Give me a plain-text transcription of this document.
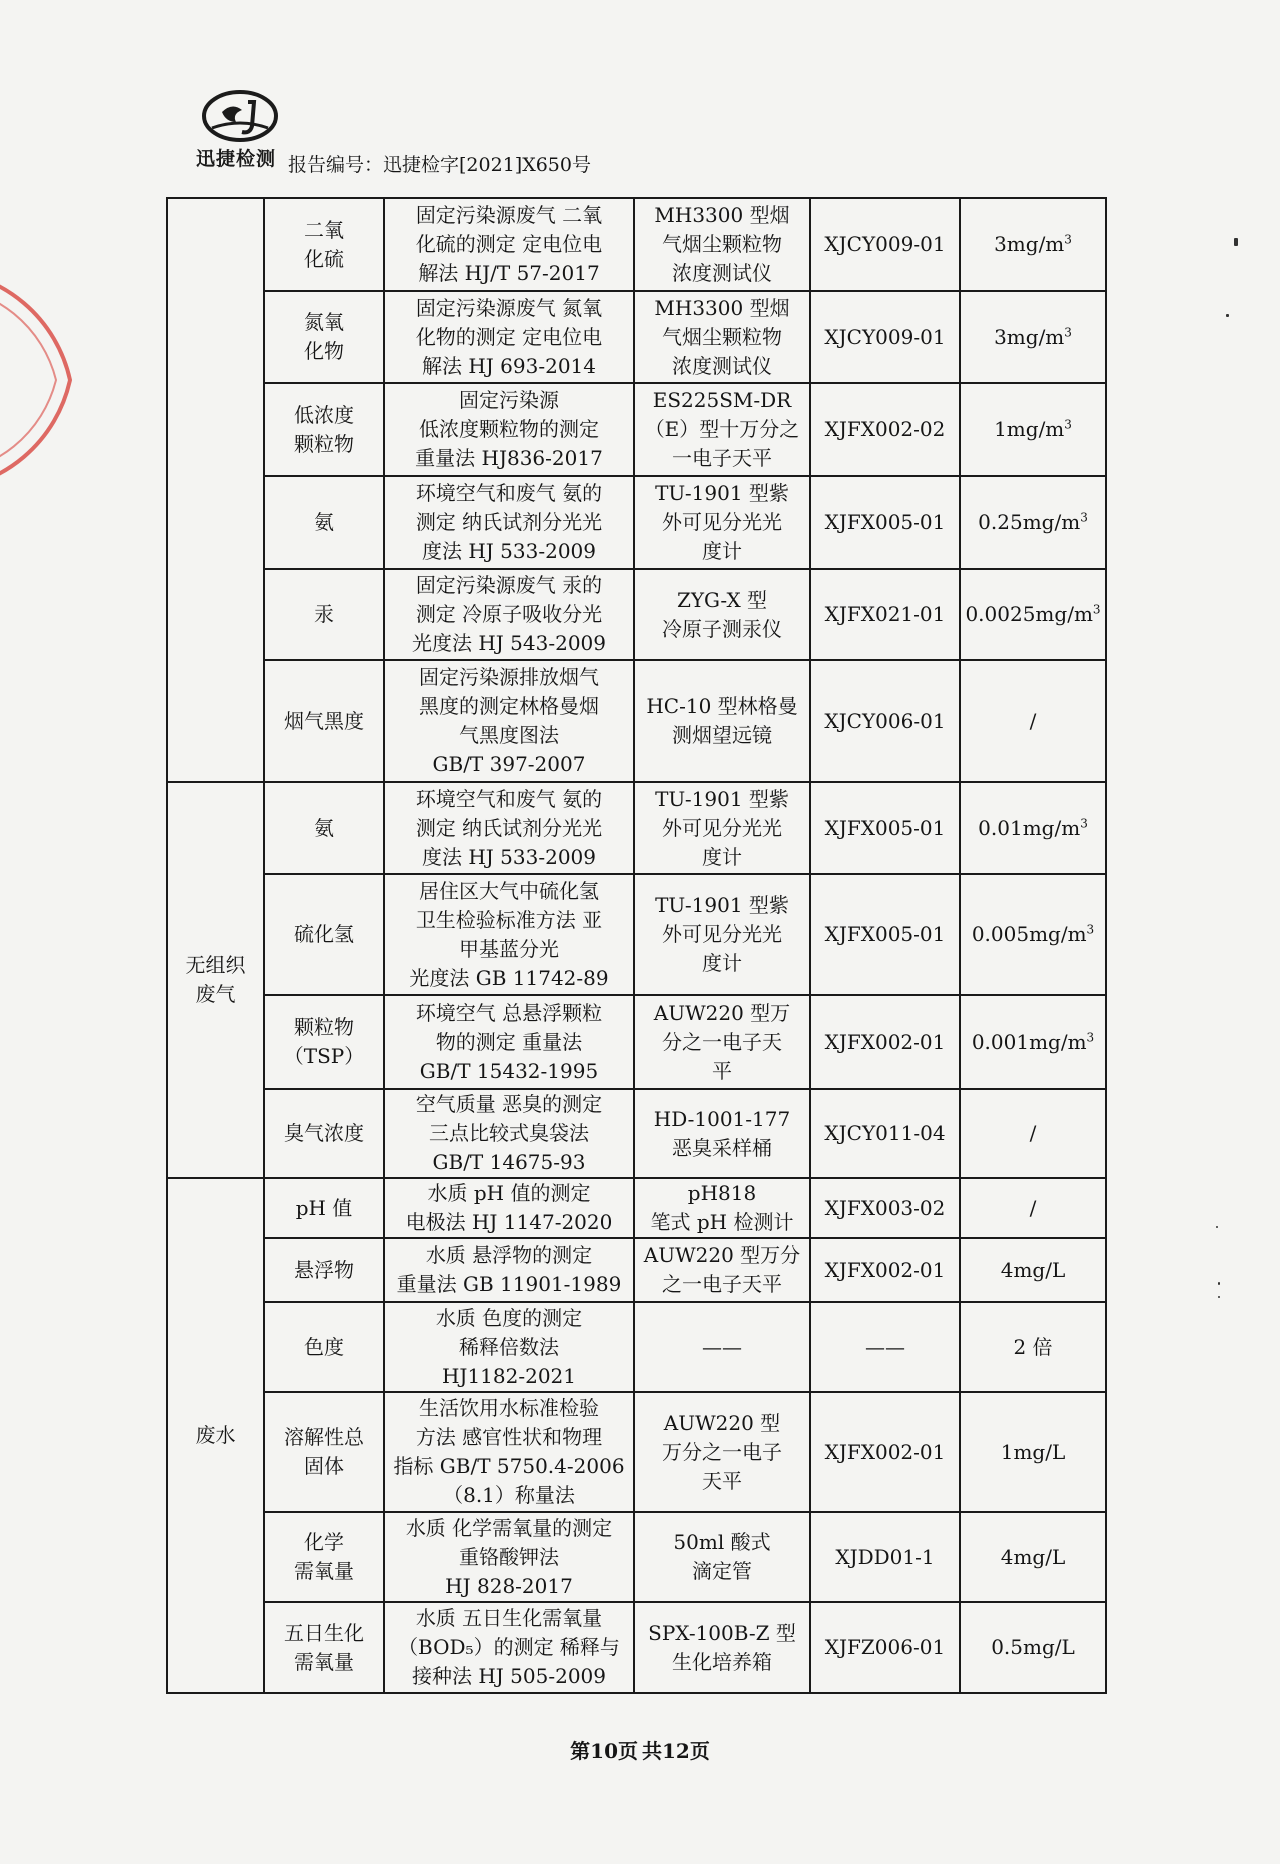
迅捷检测 报告编号：迅捷检字[2021]X650号

	二氧
化硫	固定污染源废气 二氧
化硫的测定 定电位电
解法 HJ/T 57-2017	MH3300 型烟
气烟尘颗粒物
浓度测试仪	XJCY009-01	$3mg/m^3$

	氮氧
化物	固定污染源废气 氮氧
化物的测定 定电位电
解法 HJ 693-2014	MH3300 型烟
气烟尘颗粒物
浓度测试仪	XJCY009-01	$3mg/m^3$

	低浓度
颗粒物	固定污染源
低浓度颗粒物的测定
重量法 HJ836-2017	ES225SM-DR
（E）型十万分之
一电子天平	XJFX002-02	$1mg/m^3$

	氨	环境空气和废气 氨的
测定 纳氏试剂分光光
度法 HJ 533-2009	TU-1901 型紫
外可见分光光
度计	XJFX005-01	$0.25mg/m^3$

	汞	固定污染源废气 汞的
测定 冷原子吸收分光
光度法 HJ 543-2009	ZYG-X 型
冷原子测汞仪	XJFX021-01	$0.0025mg/m^3$

	烟气黑度	固定污染源排放烟气
黑度的测定林格曼烟
气黑度图法
GB/T 397-2007	HC-10 型林格曼
测烟望远镜	XJCY006-01	/

无组织废气	氨	环境空气和废气 氨的
测定 纳氏试剂分光光
度法 HJ 533-2009	TU-1901 型紫
外可见分光光
度计	XJFX005-01	$0.01mg/m^3$

	硫化氢	居住区大气中硫化氢
卫生检验标准方法 亚
甲基蓝分光
光度法 GB 11742-89	TU-1901 型紫
外可见分光光
度计	XJFX005-01	$0.005mg/m^3$

	颗粒物
（TSP）	环境空气 总悬浮颗粒
物的测定 重量法
GB/T 15432-1995	AUW220 型万
分之一电子天
平	XJFX002-01	$0.001mg/m^3$

	臭气浓度	空气质量 恶臭的测定
三点比较式臭袋法
GB/T 14675-93	HD-1001-177
恶臭采样桶	XJCY011-04	/

废水	pH 值	水质 pH 值的测定
电极法 HJ 1147-2020	pH818
笔式 pH 检测计	XJFX003-02	/

	悬浮物	水质 悬浮物的测定
重量法 GB 11901-1989	AUW220 型万分
之一电子天平	XJFX002-01	4mg/L

	色度	水质 色度的测定
稀释倍数法
HJ1182-2021	——	——	2 倍

	溶解性总
固体	生活饮用水标准检验
方法 感官性状和物理
指标 GB/T 5750.4-2006
（8.1）称量法	AUW220 型
万分之一电子
天平	XJFX002-01	1mg/L

	化学
需氧量	水质 化学需氧量的测定
重铬酸钾法
HJ 828-2017	50ml 酸式
滴定管	XJDD01-1	4mg/L

	五日生化
需氧量	水质 五日生化需氧量
（BOD₅）的测定 稀释与
接种法 HJ 505-2009	SPX-100B-Z 型
生化培养箱	XJFZ006-01	0.5mg/L
第10页 共12页
